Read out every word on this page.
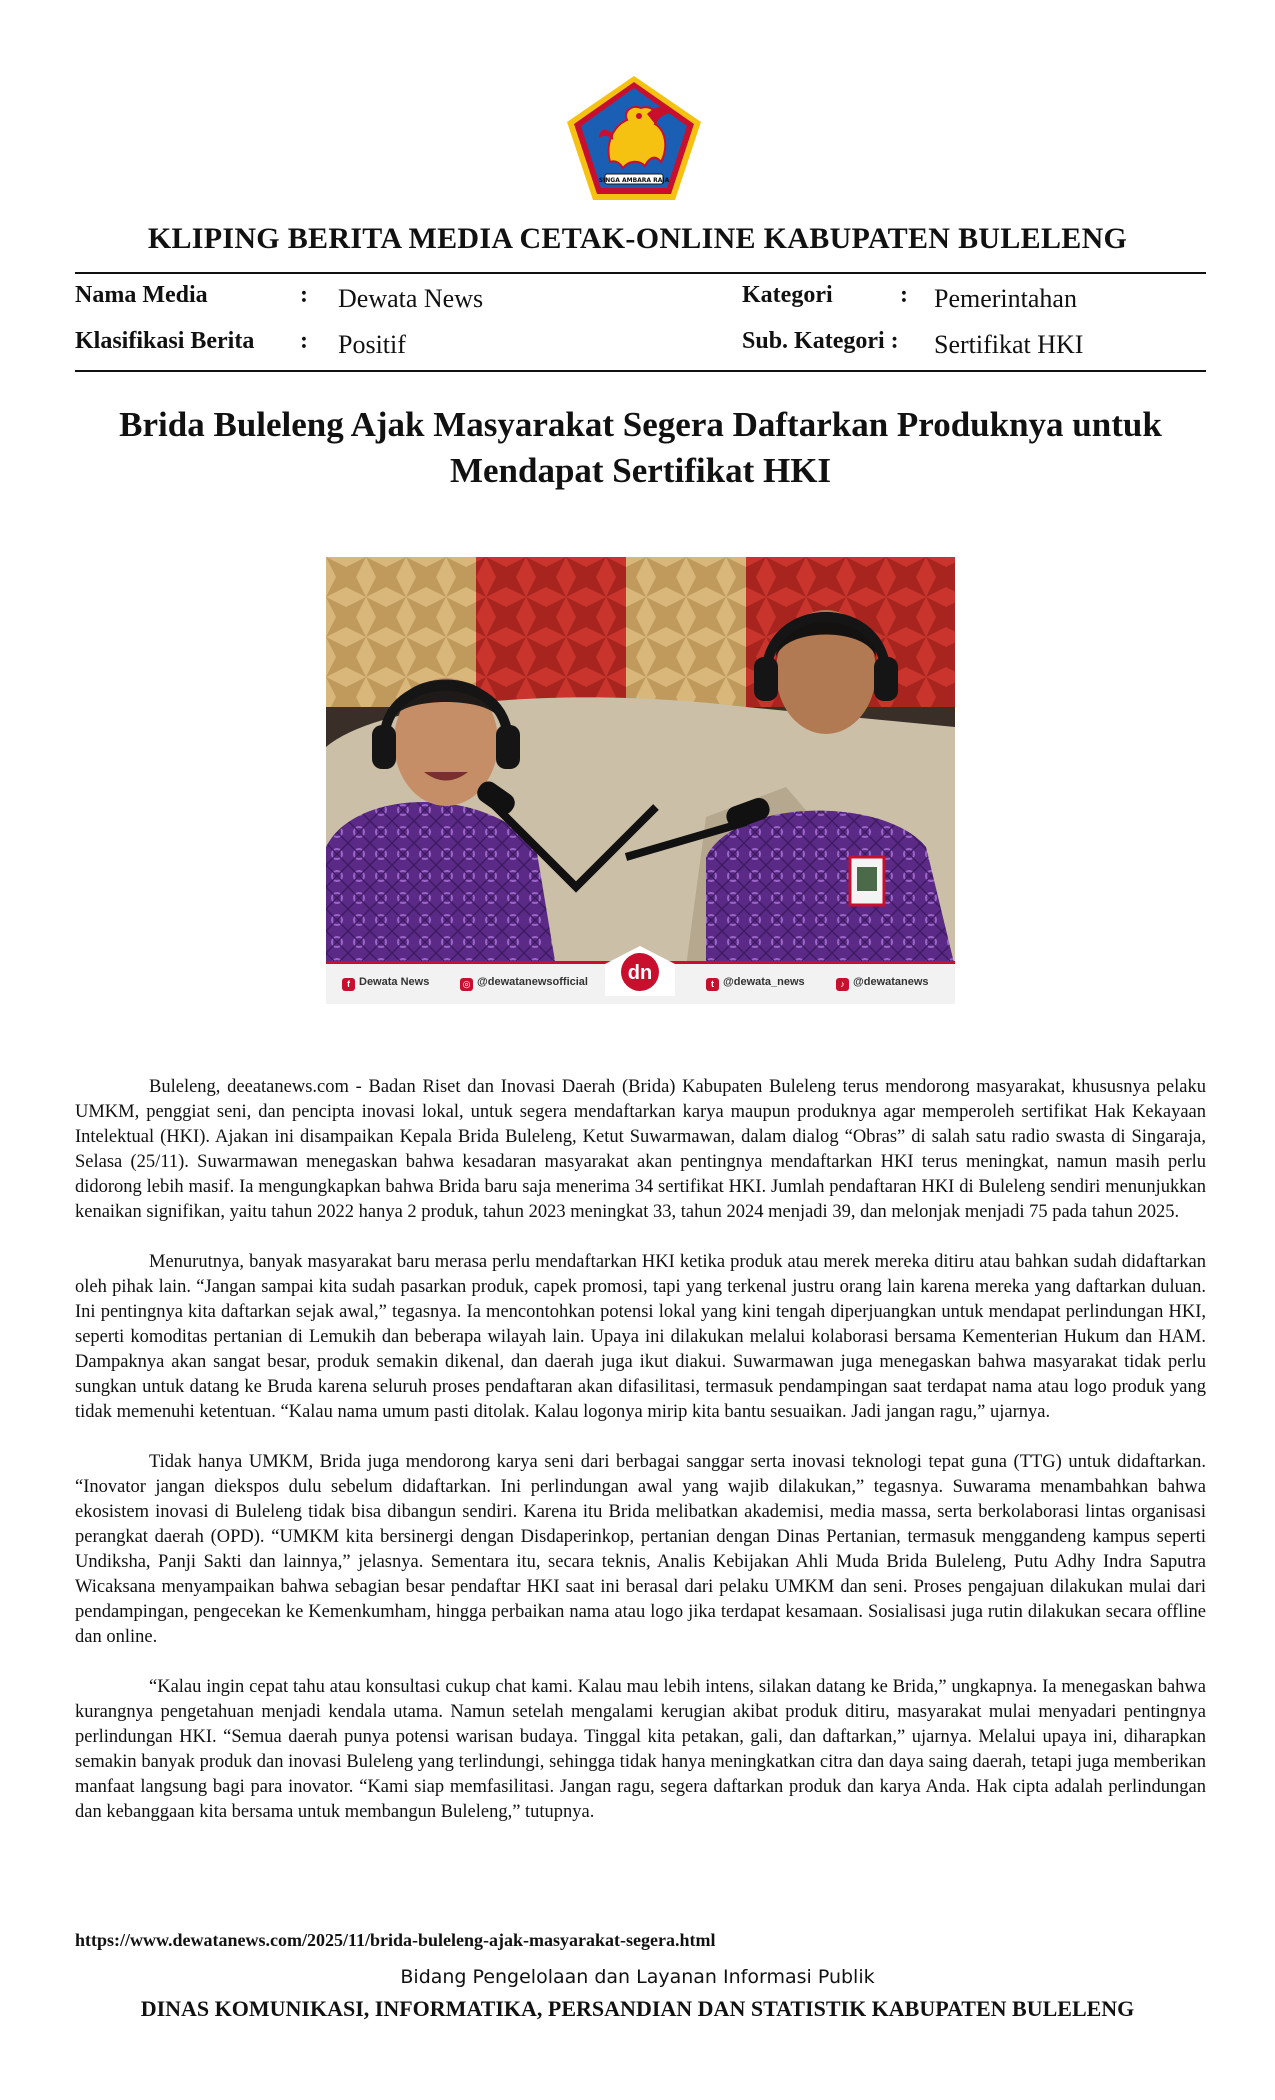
SINGA AMBARA RAJA
KLIPING BERITA MEDIA CETAK-ONLINE KABUPATEN BULELENG
Nama Media	: Dewata News
Klasifikasi Berita : Positif
Kategori	: Pemerintahan
Sub. Kategori : Sertifikat HKI
Brida Buleleng Ajak Masyarakat Segera Daftarkan Produknya untuk Mendapat Sertifikat HKI
dn
f Dewata News	◎ @dewatanewsofficial	t @dewata_news	♪ @dewatanews

Buleleng, deeatanews.com - Badan Riset dan Inovasi Daerah (Brida) Kabupaten Buleleng terus mendorong masyarakat, khususnya pelaku UMKM, penggiat seni, dan pencipta inovasi lokal, untuk segera mendaftarkan karya maupun produknya agar memperoleh sertifikat Hak Kekayaan Intelektual (HKI). Ajakan ini disampaikan Kepala Brida Buleleng, Ketut Suwarmawan, dalam dialog “Obras” di salah satu radio swasta di Singaraja, Selasa (25/11). Suwarmawan menegaskan bahwa kesadaran masyarakat akan pentingnya mendaftarkan HKI terus meningkat, namun masih perlu didorong lebih masif. Ia mengungkapkan bahwa Brida baru saja menerima 34 sertifikat HKI. Jumlah pendaftaran HKI di Buleleng sendiri menunjukkan kenaikan signifikan, yaitu tahun 2022 hanya 2 produk, tahun 2023 meningkat 33, tahun 2024 menjadi 39, dan melonjak menjadi 75 pada tahun 2025.

Menurutnya, banyak masyarakat baru merasa perlu mendaftarkan HKI ketika produk atau merek mereka ditiru atau bahkan sudah didaftarkan oleh pihak lain. “Jangan sampai kita sudah pasarkan produk, capek promosi, tapi yang terkenal justru orang lain karena mereka yang daftarkan duluan. Ini pentingnya kita daftarkan sejak awal,” tegasnya. Ia mencontohkan potensi lokal yang kini tengah diperjuangkan untuk mendapat perlindungan HKI, seperti komoditas pertanian di Lemukih dan beberapa wilayah lain. Upaya ini dilakukan melalui kolaborasi bersama Kementerian Hukum dan HAM. Dampaknya akan sangat besar, produk semakin dikenal, dan daerah juga ikut diakui. Suwarmawan juga menegaskan bahwa masyarakat tidak perlu sungkan untuk datang ke Bruda karena seluruh proses pendaftaran akan difasilitasi, termasuk pendampingan saat terdapat nama atau logo produk yang tidak memenuhi ketentuan. “Kalau nama umum pasti ditolak. Kalau logonya mirip kita bantu sesuaikan. Jadi jangan ragu,” ujarnya.

Tidak hanya UMKM, Brida juga mendorong karya seni dari berbagai sanggar serta inovasi teknologi tepat guna (TTG) untuk didaftarkan. “Inovator jangan diekspos dulu sebelum didaftarkan. Ini perlindungan awal yang wajib dilakukan,” tegasnya. Suwarama menambahkan bahwa ekosistem inovasi di Buleleng tidak bisa dibangun sendiri. Karena itu Brida melibatkan akademisi, media massa, serta berkolaborasi lintas organisasi perangkat daerah (OPD). “UMKM kita bersinergi dengan Disdaperinkop, pertanian dengan Dinas Pertanian, termasuk menggandeng kampus seperti Undiksha, Panji Sakti dan lainnya,” jelasnya. Sementara itu, secara teknis, Analis Kebijakan Ahli Muda Brida Buleleng, Putu Adhy Indra Saputra Wicaksana menyampaikan bahwa sebagian besar pendaftar HKI saat ini berasal dari pelaku UMKM dan seni. Proses pengajuan dilakukan mulai dari pendampingan, pengecekan ke Kemenkumham, hingga perbaikan nama atau logo jika terdapat kesamaan. Sosialisasi juga rutin dilakukan secara offline dan online.

“Kalau ingin cepat tahu atau konsultasi cukup chat kami. Kalau mau lebih intens, silakan datang ke Brida,” ungkapnya. Ia menegaskan bahwa kurangnya pengetahuan menjadi kendala utama. Namun setelah mengalami kerugian akibat produk ditiru, masyarakat mulai menyadari pentingnya perlindungan HKI. “Semua daerah punya potensi warisan budaya. Tinggal kita petakan, gali, dan daftarkan,” ujarnya. Melalui upaya ini, diharapkan semakin banyak produk dan inovasi Buleleng yang terlindungi, sehingga tidak hanya meningkatkan citra dan daya saing daerah, tetapi juga memberikan manfaat langsung bagi para inovator. “Kami siap memfasilitasi. Jangan ragu, segera daftarkan produk dan karya Anda. Hak cipta adalah perlindungan dan kebanggaan kita bersama untuk membangun Buleleng,” tutupnya.

https://www.dewatanews.com/2025/11/brida-buleleng-ajak-masyarakat-segera.html
Bidang Pengelolaan dan Layanan Informasi Publik
DINAS KOMUNIKASI, INFORMATIKA, PERSANDIAN DAN STATISTIK KABUPATEN BULELENG
